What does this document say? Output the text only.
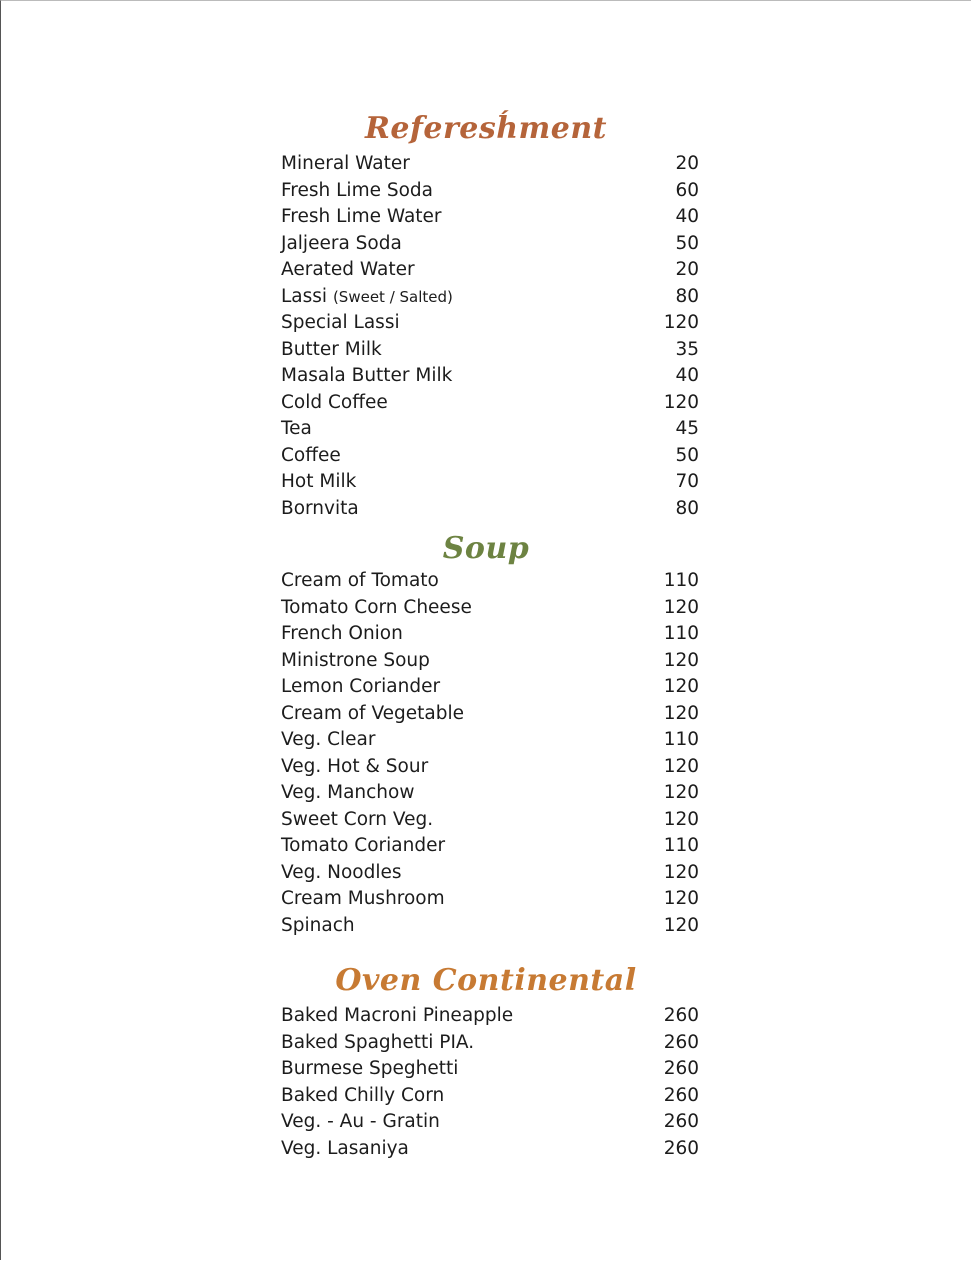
Referesh́ment
Mineral Water	20
Fresh Lime Soda	60
Fresh Lime Water	40
Jaljeera Soda	50
Aerated Water	20
Lassi (Sweet / Salted)	80
Special Lassi	120
Butter Milk	35
Masala Butter Milk	40
Cold Coffee	120
Tea	45
Coffee	50
Hot Milk	70
Bornvita	80
Soup
Cream of Tomato	110
Tomato Corn Cheese	120
French Onion	110
Ministrone Soup	120
Lemon Coriander	120
Cream of Vegetable	120
Veg. Clear	110
Veg. Hot & Sour	120
Veg. Manchow	120
Sweet Corn Veg.	120
Tomato Coriander	110
Veg. Noodles	120
Cream Mushroom	120
Spinach	120
Oven Continental
Baked Macroni Pineapple	260
Baked Spaghetti PIA.	260
Burmese Speghetti	260
Baked Chilly Corn	260
Veg. - Au - Gratin	260
Veg. Lasaniya	260
